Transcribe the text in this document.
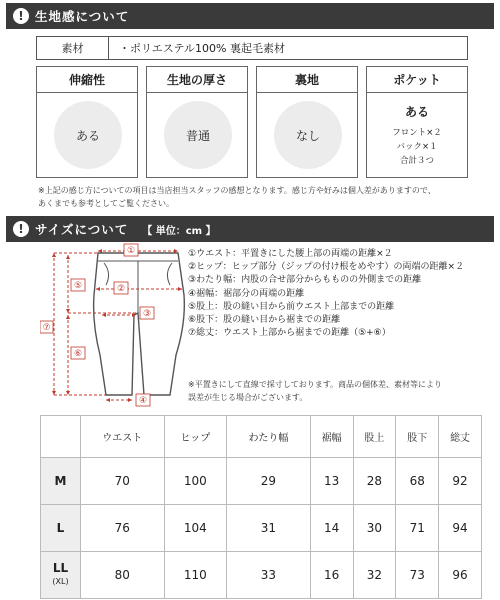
! 生地感について
素材	・ポリエステル100% 裏起毛素材
伸縮性
ある
生地の厚さ
普通
裏地
なし
ポケット
ある
フロント×２
バック×１
合計３つ
※上記の感じ方についての項目は当店担当スタッフの感想となります。感じ方や好みは個人差がありますので、
あくまでも参考としてご覧ください。
! サイズについて 【 単位：cm 】
①
②
③
④
⑤
⑥
⑦
①ウエスト：平置きにした腰上部の両端の距離×２
②ヒップ：ヒップ部分（ジップの付け根をめやす）の両端の距離×２
③わたり幅：内股の合せ部分からもものの外側までの距離
④裾幅：裾部分の両端の距離
⑤股上：股の縫い目から前ウエスト上部までの距離
⑥股下：股の縫い目から裾までの距離
⑦総丈：ウエスト上部から裾までの距離（⑤+⑥）
※平置きにして直線で採寸しております。商品の個体差、素材等により
誤差が生じる場合がございます。
	ウエスト	ヒップ	わたり幅	裾幅	股上	股下	総丈
M	70	100	29	13	28	68	92
L	76	104	31	14	30	71	94

LL
(XL)	80	110	33	16	32	73	96
